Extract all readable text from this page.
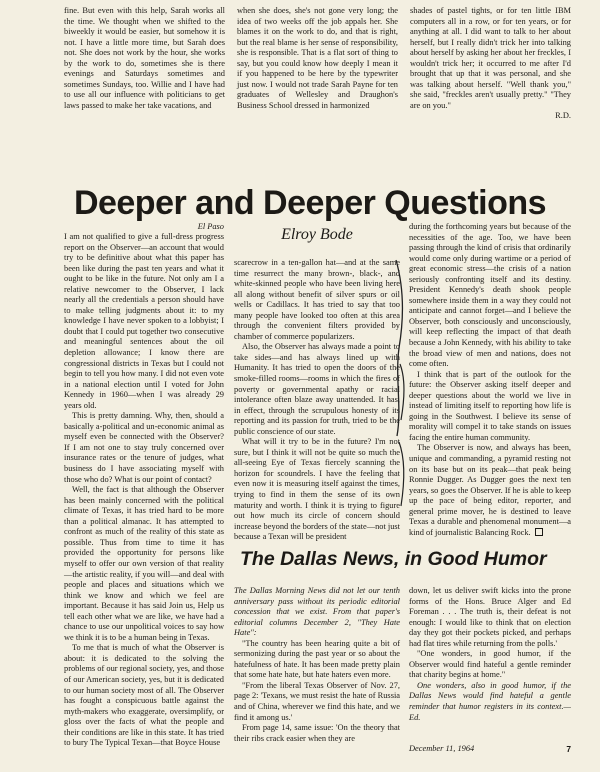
fine. But even with this help, Sarah works all the time. We thought when we shifted to the biweekly it would be easier, but somehow it is not. I have a little more time, but Sarah does not. She does not work by the hour, she works by the work to do, sometimes she is there evenings and Saturdays sometimes and sometimes Sundays, too. Willie and I have had to use all our influence with politicians to get laws passed to make her take vacations, and

when she does, she's not gone very long; the idea of two weeks off the job appals her. She blames it on the work to do, and that is right, but the real blame is her sense of responsibility, she is responsible. That is a flat sort of thing to say, but you could know how deeply I mean it if you happened to be here by the typewriter just now. I would not trade Sarah Payne for ten graduates of Wellesley and Draughon's Business School dressed in harmonized

shades of pastel tights, or for ten little IBM computers all in a row, or for ten years, or for anything at all. I did want to talk to her about herself, but I really didn't trick her into talking about herself by asking her about her freckles, I wouldn't trick her; it occurred to me after I'd brought that up that it was personal, and she was talking about herself. "Well thank you," she said, "freckles aren't usually pretty." "They are on you."

R.D.
Deeper and Deeper Questions
El Paso

I am not qualified to give a full-dress progress report on the Observer—an account that would try to be definitive about what this paper has been like during the past ten years and what it ought to be like in the future. Not only am I a relative newcomer to the Observer, I lack nearly all the credentials a person should have to make telling judgments about it: to my knowledge I have never spoken to a lobbyist; I doubt that I could put together two consecutive and meaningful sentences about the oil depletion allowance; I know there are congressional districts in Texas but I could not begin to tell you how many. I did not even vote in a national election until I voted for John Kennedy in 1960—when I was already 29 years old.

This is pretty damning. Why, then, should a basically a-political and un-economic animal as myself even be connected with the Observer? If I am not one to stay truly concerned over insurance rates or the tenure of judges, what business do I have associating myself with those who do? What is our point of contact?

Well, the fact is that although the Observer has been mainly concerned with the political climate of Texas, it has tried hard to be more than a political almanac. It has attempted to confront as much of the reality of this state as possible. Thus from time to time it has provided the opportunity for persons like myself to offer our own version of that reality—the artistic reality, if you will—and deal with people and places and situations which we think we know and which we feel are important. Because it has said Join us, Help us tell each other what we are like, we have had a chance to use our unpolitical voices to say how we think it is to be a human being in Texas.

To me that is much of what the Observer is about: it is dedicated to the solving the problems of our regional society, yes, and those of our American society, yes, but it is dedicated to our human society most of all. The Observer has fought a conspicuous battle against the myth-makers who exaggerate, oversimplify, or gloss over the facts of what the people and their conditions are like in this state. It has tried to bury The Typical Texan—that Boyce House

Elroy Bode

scarecrow in a ten-gallon hat—and at the same time resurrect the many brown-, black-, and white-skinned people who have been living here all along without benefit of silver spurs or oil wells or Cadillacs. It has tried to say that too many people have looked too often at this area through the convenient filters provided by chamber of commerce popularizers.

Also, the Observer has always made a point to take sides—and has always lined up with Humanity. It has tried to open the doors of the smoke-filled rooms—rooms in which the fires of poverty or governmental apathy or racial intolerance often blaze away unattended. It has, in effect, through the scrupulous honesty of its reporting and its passion for truth, tried to be the public conscience of our state.

What will it try to be in the future? I'm not sure, but I think it will not be quite so much the all-seeing Eye of Texas fiercely scanning the horizon for scoundrels. I have the feeling that even now it is measuring itself against the times, trying to find in them the sense of its own maturity and worth. I think it is trying to figure out how much its circle of concern should increase beyond the borders of the state—not just because a Texan will be president

during the forthcoming years but because of the necessities of the age. Too, we have been passing through the kind of crisis that ordinarily would come only during wartime or a period of great economic stress—the crisis of a nation seriously confronting itself and its destiny. President Kennedy's death shook people somewhere inside them in a way they could not anticipate and cannot forget—and I believe the Observer, both consciously and unconsciously, will keep reflecting the impact of that death because a John Kennedy, with his ability to take the broad view of men and nations, does not come often.

I think that is part of the outlook for the future: the Observer asking itself deeper and deeper questions about the world we live in instead of limiting itself to reporting how life is going in the Southwest. I believe its sense of morality will compel it to take stands on issues facing the entire human community.

The Observer is now, and always has been, unique and commanding, a pyramid resting not on its base but on its peak—that peak being Ronnie Dugger. As Dugger goes the next ten years, so goes the Observer. If he is able to keep up the pace of being editor, reporter, and general prime mover, he is destined to leave Texas a durable and phenomenal monument—a kind of journalistic Balancing Rock.

The Dallas News, in Good Humor

The Dallas Morning News did not let our tenth anniversary pass without its periodic editorial concession that we exist. From that paper's editorial columns December 2, "They Hate Hate":

"The country has been hearing quite a bit of sermonizing during the past year or so about the hatefulness of hate. It has been made pretty plain that some hate hate, but hate haters even more.

"From the liberal Texas Observer of Nov. 27, page 2: 'Texans, we must resist the hate of Russia and of China, wherever we find this hate, and we find it among us.'

From page 14, same issue: 'On the theory that their ribs crack easier when they are

down, let us deliver swift kicks into the prone forms of the Hons. Bruce Alger and Ed Foreman . . . The truth is, their defeat is not enough: I would like to think that on election day they got their pockets picked, and perhaps had flat tires while returning from the polls.'

"One wonders, in good humor, if the Observer would find hateful a gentle reminder that charity begins at home."

One wonders, also in good humor, if the Dallas News would find hateful a gentle reminder that humor registers in its context.—Ed.

December 11, 1964	7
